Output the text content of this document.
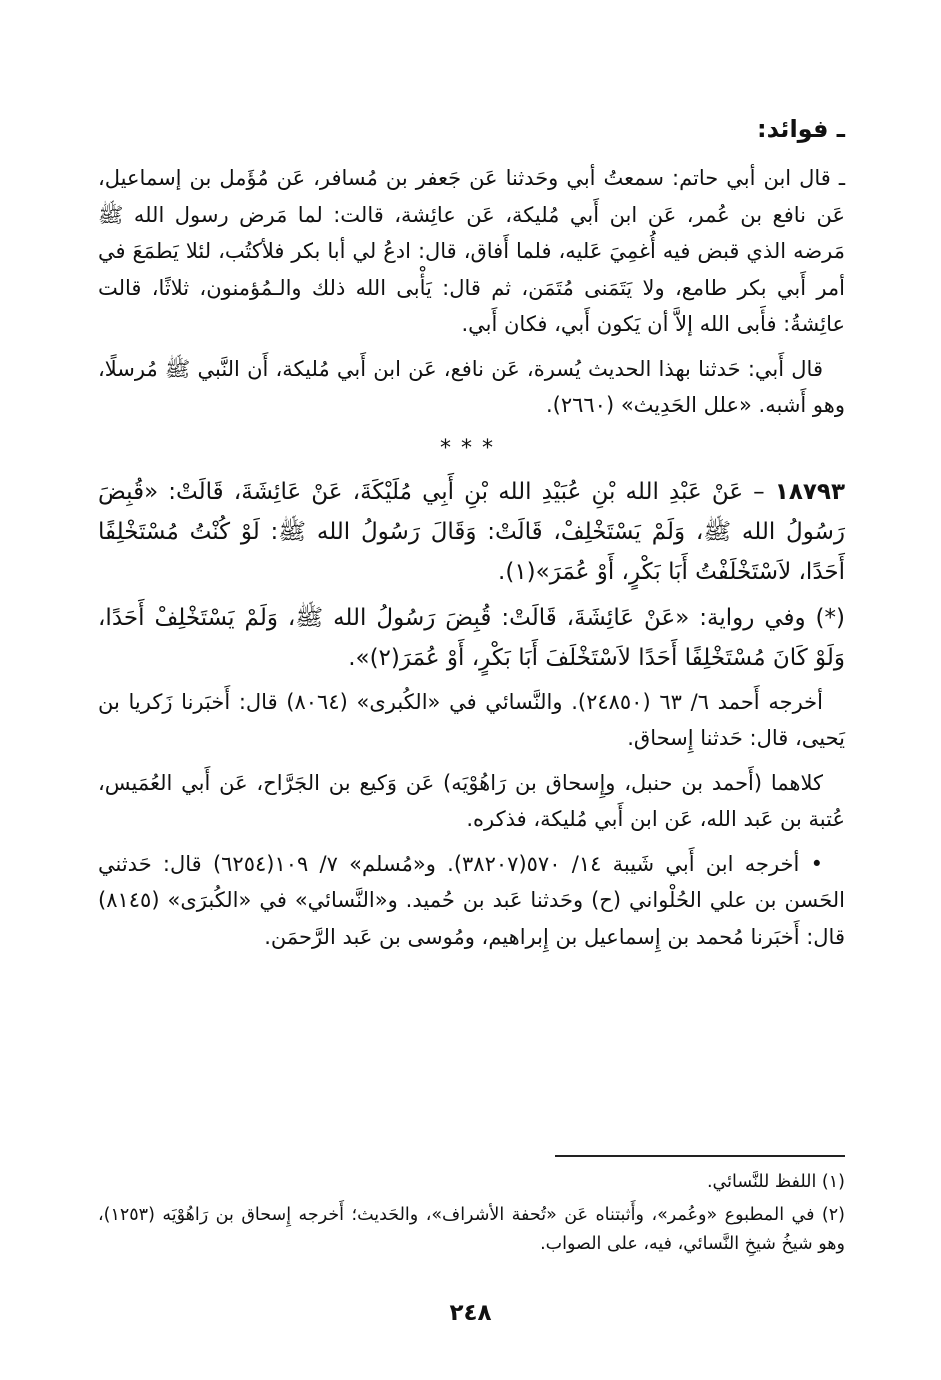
ـ فوائد:

ـ قال ابن أبي حاتم: سمعتُ أبي وحَدثنا عَن جَعفر بن مُسافر، عَن مُؤَمل بن إسماعيل، عَن نافع بن عُمر، عَن ابن أَبي مُليكة، عَن عائِشة، قالت: لما مَرض رسول الله ﷺ مَرضه الذي قبض فيه أُغمِيَ عَليه، فلما أَفاق، قال: ادعُ لي أبا بكر فلأكتُب، لئلا يَطمَعَ في أمر أَبي بكر طامع، ولا يَتَمَنى مُتَمَن، ثم قال: يَأْبى الله ذلك والـمُؤمنون، ثلاثًا، قالت عائِشةُ: فأَبى الله إلاَّ أن يَكون أَبي، فكان أَبي.

قال أَبي: حَدثنا بهذا الحديث يُسرة، عَن نافع، عَن ابن أَبي مُليكة، أَن النَّبي ﷺ مُرسلًا، وهو أَشبه. «علل الحَدِيث» (٢٦٦٠).

***

١٨٧٩٣ – عَنْ عَبْدِ الله بْنِ عُبَيْدِ الله بْنِ أَبِي مُلَيْكَةَ، عَنْ عَائِشَةَ، قَالَتْ: «قُبِضَ رَسُولُ الله ﷺ، وَلَمْ يَسْتَخْلِفْ، قَالَتْ: وَقَالَ رَسُولُ الله ﷺ: لَوْ كُنْتُ مُسْتَخْلِفًا أَحَدًا، لاَسْتَخْلَفْتُ أَبَا بَكْرٍ، أَوْ عُمَرَ»(١).

(*) وفي رواية: «عَنْ عَائِشَةَ، قَالَتْ: قُبِضَ رَسُولُ الله ﷺ، وَلَمْ يَسْتَخْلِفْ أَحَدًا، وَلَوْ كَانَ مُسْتَخْلِفًا أَحَدًا لاَسْتَخْلَفَ أَبَا بَكْرٍ، أَوْ عُمَرَ(٢)».

أخرجه أَحمد ٦/ ٦٣ (٢٤٨٥٠). والنَّسائي في «الكُبرى» (٨٠٦٤) قال: أَخبَرنا زَكريا بن يَحيى، قال: حَدثنا إِسحاق.

كلاهما (أَحمد بن حنبل، وإِسحاق بن رَاهُوْيَه) عَن وَكيع بن الجَرَّاح، عَن أَبي العُمَيس، عُتبة بن عَبد الله، عَن ابن أَبي مُليكة، فذكره.

• أخرجه ابن أَبي شَيبة ١٤/ ٥٧٠(٣٨٢٠٧). و«مُسلم» ٧/ ١٠٩(٦٢٥٤) قال: حَدثني الحَسن بن علي الحُلْواني (ح) وحَدثنا عَبد بن حُميد. و«النَّسائي» في «الكُبرَى» (٨١٤٥) قال: أَخبَرنا مُحمد بن إِسماعيل بن إِبراهيم، ومُوسى بن عَبد الرَّحمَن.

(١) اللفظ للنَّسائي.

(٢) في المطبوع «وعُمر»، وأَثبتناه عَن «تُحفة الأشراف»، والحَديث؛ أَخرجه إِسحاق بن رَاهُوْيَه (١٢٥٣)، وهو شيخُ شيخِ النَّسائي، فيه، على الصواب.

٢٤٨
